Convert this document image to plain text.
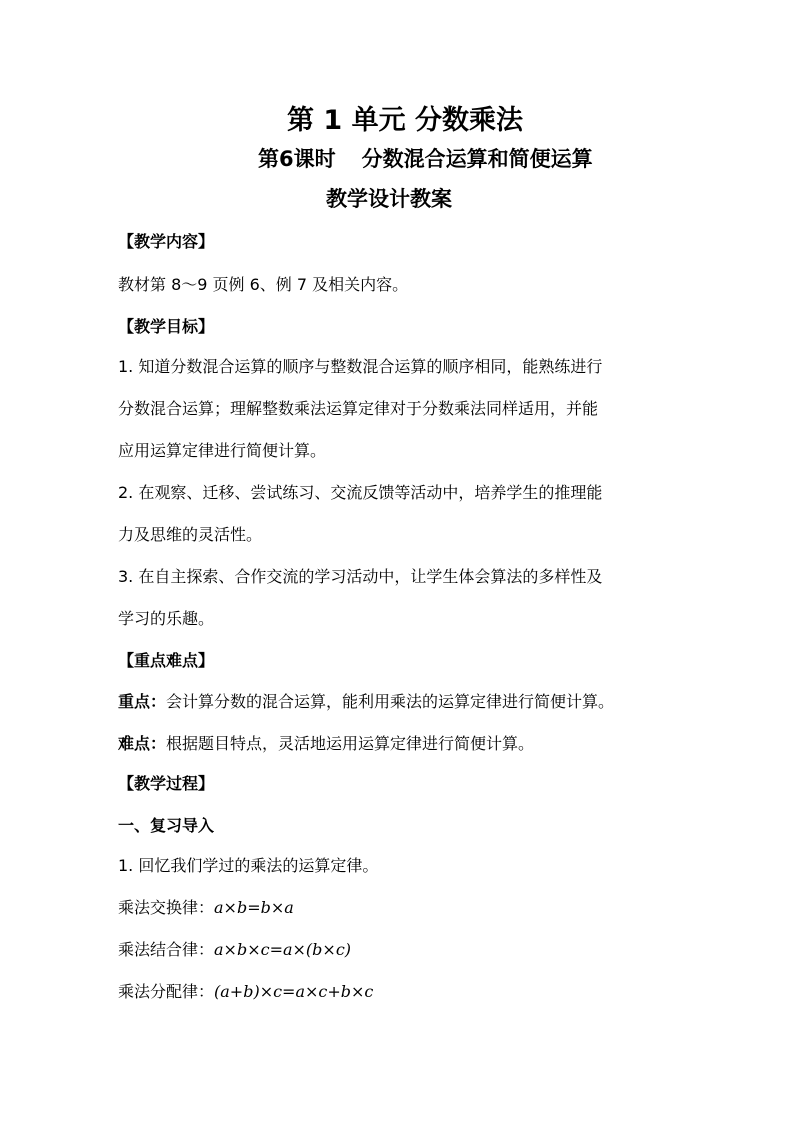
第 1 单元 分数乘法
第6课时 分数混合运算和简便运算
教学设计教案
【教学内容】
教材第 8～9 页例 6、例 7 及相关内容。
【教学目标】
1. 知道分数混合运算的顺序与整数混合运算的顺序相同，能熟练进行
分数混合运算；理解整数乘法运算定律对于分数乘法同样适用，并能
应用运算定律进行简便计算。
2. 在观察、迁移、尝试练习、交流反馈等活动中，培养学生的推理能
力及思维的灵活性。
3. 在自主探索、合作交流的学习活动中，让学生体会算法的多样性及
学习的乐趣。
【重点难点】
重点：会计算分数的混合运算，能利用乘法的运算定律进行简便计算。
难点：根据题目特点，灵活地运用运算定律进行简便计算。
【教学过程】
一、复习导入
1. 回忆我们学过的乘法的运算定律。
乘法交换律：a×b=b×a
乘法结合律：a×b×c=a×(b×c)
乘法分配律：(a+b)×c=a×c+b×c
